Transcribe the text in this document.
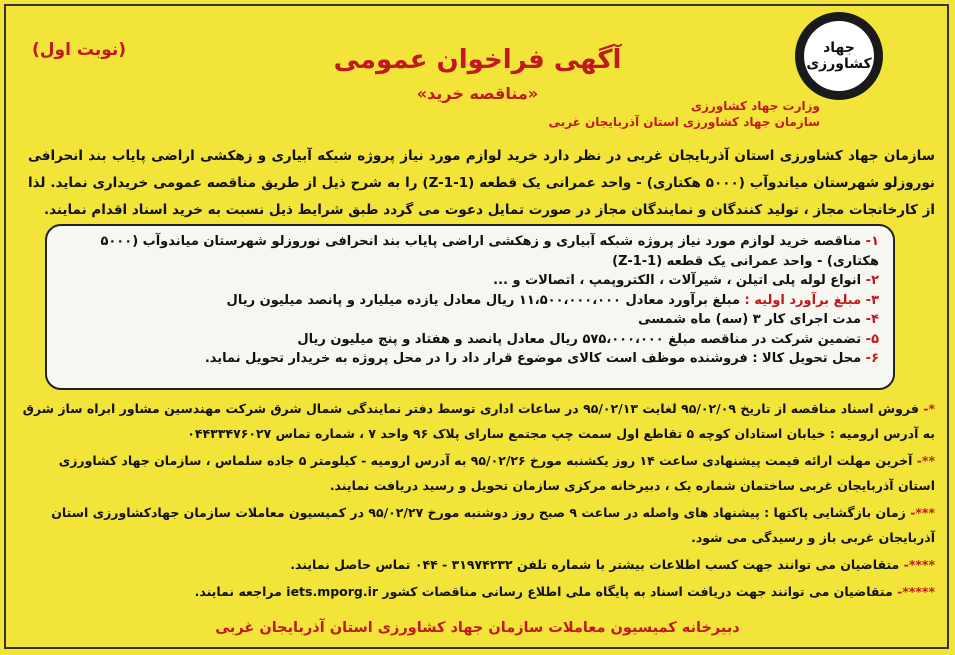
جهاد
کشاورزی
وزارت جهاد کشاورزی
سازمان جهاد کشاورزی استان آذربایجان غربی
(نوبت اول)	آگهی فراخوان عمومی
«مناقصه خرید»
سازمان جهاد کشاورزی استان آذربایجان غربی در نظر دارد خرید لوازم مورد نیاز پروژه شبکه آبیاری و زهکشی اراضی پایاب بند انحرافی نوروزلو شهرستان میاندوآب (۵۰۰۰ هکتاری) - واحد عمرانی یک قطعه (Z-1-1) را به شرح ذیل از طریق مناقصه عمومی خریداری نماید. لذا از کارخانجات مجاز ، تولید کنندگان و نمایندگان مجاز در صورت تمایل دعوت می گردد طبق شرایط ذیل نسبت به خرید اسناد اقدام نمایند.

۱- مناقصه خرید لوازم مورد نیاز پروژه شبکه آبیاری و زهکشی اراضی پایاب بند انحرافی نوروزلو شهرستان میاندوآب (۵۰۰۰ هکتاری) - واحد عمرانی یک قطعه (Z-1-1)

۲- انواع لوله پلی اتیلن ، شیرآلات ، الکتروپمپ ، اتصالات و ...

۳- مبلغ برآورد اولیه : مبلغ برآورد معادل ۱۱،۵۰۰،۰۰۰،۰۰۰ ریال معادل یازده میلیارد و پانصد میلیون ریال

۴- مدت اجرای کار ۳ (سه) ماه شمسی

۵- تضمین شرکت در مناقصه مبلغ ۵۷۵،۰۰۰،۰۰۰ ریال معادل پانصد و هفتاد و پنج میلیون ریال

۶- محل تحویل کالا : فروشنده موظف است کالای موضوع قرار داد را در محل پروژه به خریدار تحویل نماید.

*- فروش اسناد مناقصه از تاریخ ۹۵/۰۲/۰۹ لغایت ۹۵/۰۲/۱۳ در ساعات اداری توسط دفتر نمایندگی شمال شرق شرکت مهندسین مشاور ابراه ساز شرق به آدرس ارومیه : خیابان استادان کوچه ۵ تقاطع اول سمت چپ مجتمع سارای پلاک ۹۶ واحد ۷ ، شماره تماس ۰۴۴۳۳۴۷۶۰۲۷

**- آخرین مهلت ارائه قیمت پیشنهادی ساعت ۱۴ روز یکشنبه مورخ ۹۵/۰۲/۲۶ به آدرس ارومیه - کیلومتر ۵ جاده سلماس ، سازمان جهاد کشاورزی استان آذربایجان غربی ساختمان شماره یک ، دبیرخانه مرکزی سازمان تحویل و رسید دریافت نمایند.

***- زمان بازگشایی پاکتها : پیشنهاد های واصله در ساعت ۹ صبح روز دوشنبه مورخ ۹۵/۰۲/۲۷ در کمیسیون معاملات سازمان جهادکشاورزی استان آذربایجان غربی باز و رسیدگی می شود.

****- متقاضیان می توانند جهت کسب اطلاعات بیشتر با شماره تلفن ۳۱۹۷۴۲۳۲ - ۰۴۴ تماس حاصل نمایند.

*****- متقاضیان می توانند جهت دریافت اسناد به پایگاه ملی اطلاع رسانی مناقصات کشور iets.mporg.ir مراجعه نمایند.

دبیرخانه کمیسیون معاملات سازمان جهاد کشاورزی استان آذربایجان غربی
